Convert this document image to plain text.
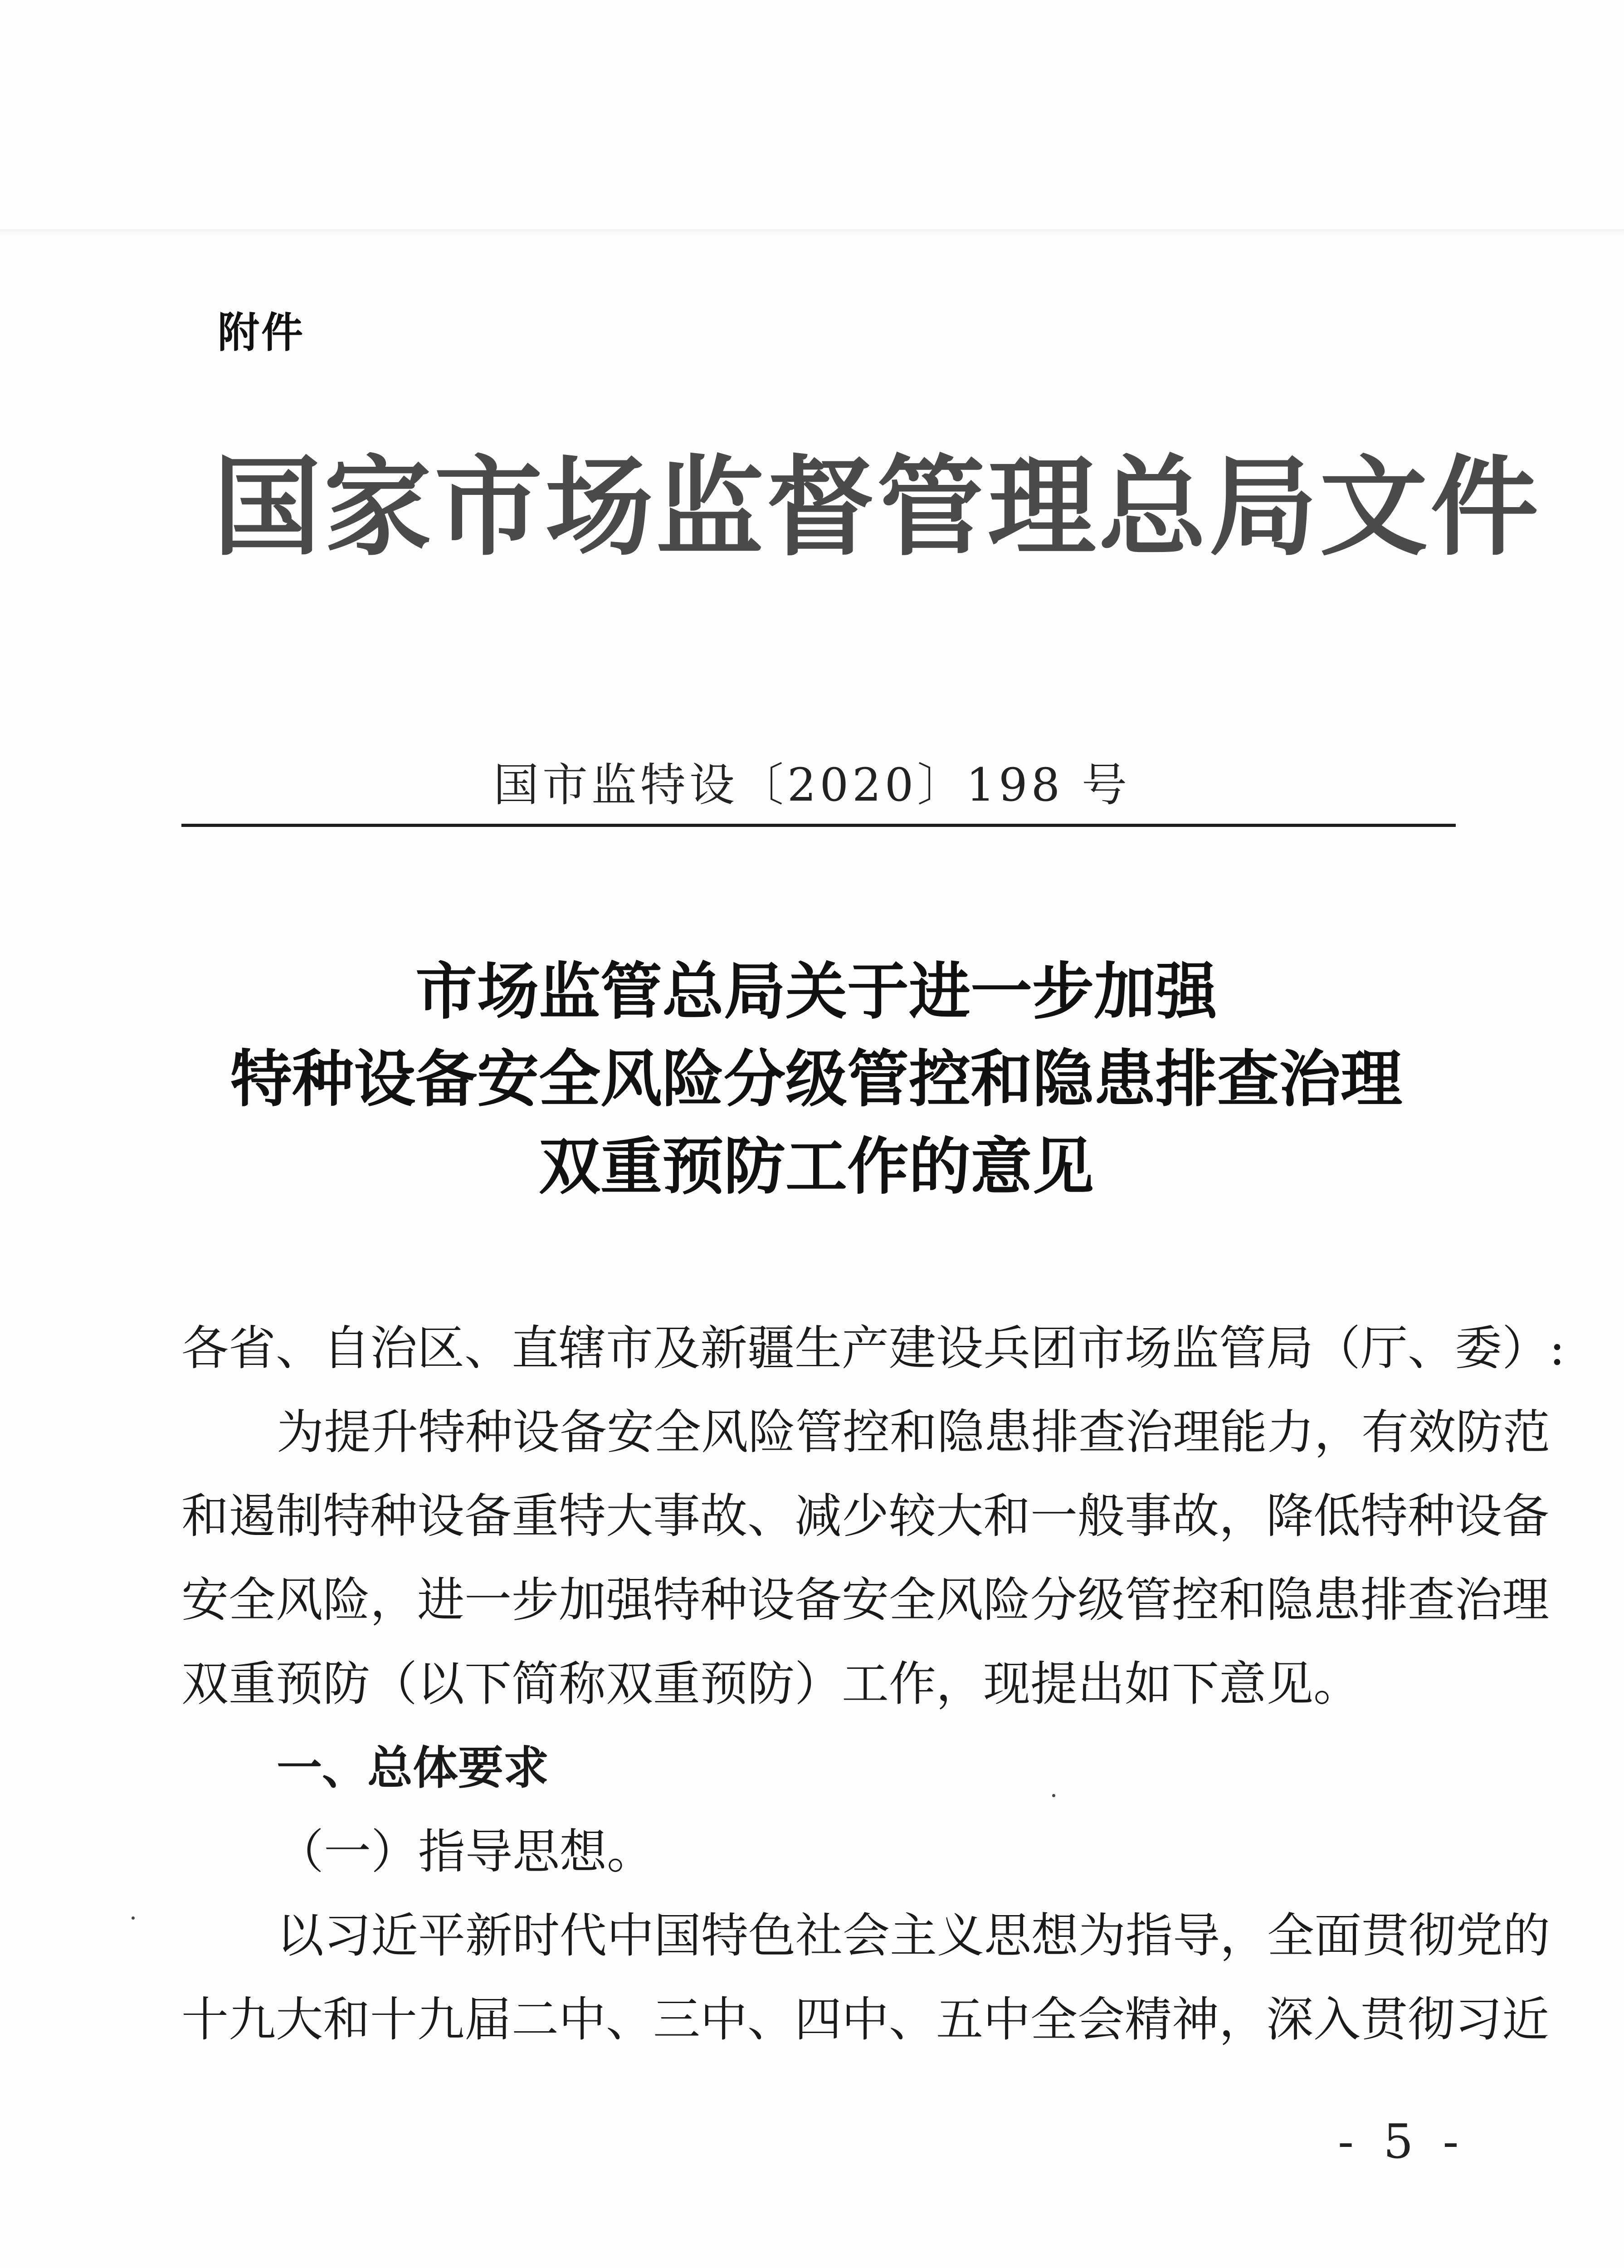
附件
国家市场监督管理总局文件
国市监特设〔2020〕198 号
市场监管总局关于进一步加强
特种设备安全风险分级管控和隐患排查治理
双重预防工作的意见
各省、自治区、直辖市及新疆生产建设兵团市场监管局（厅、委）:
为提升特种设备安全风险管控和隐患排查治理能力，有效防范
和遏制特种设备重特大事故、减少较大和一般事故，降低特种设备
安全风险，进一步加强特种设备安全风险分级管控和隐患排查治理
双重预防（以下简称双重预防）工作，现提出如下意见。
一、总体要求
（一）指导思想。
以习近平新时代中国特色社会主义思想为指导，全面贯彻党的
十九大和十九届二中、三中、四中、五中全会精神，深入贯彻习近
- 5 -
